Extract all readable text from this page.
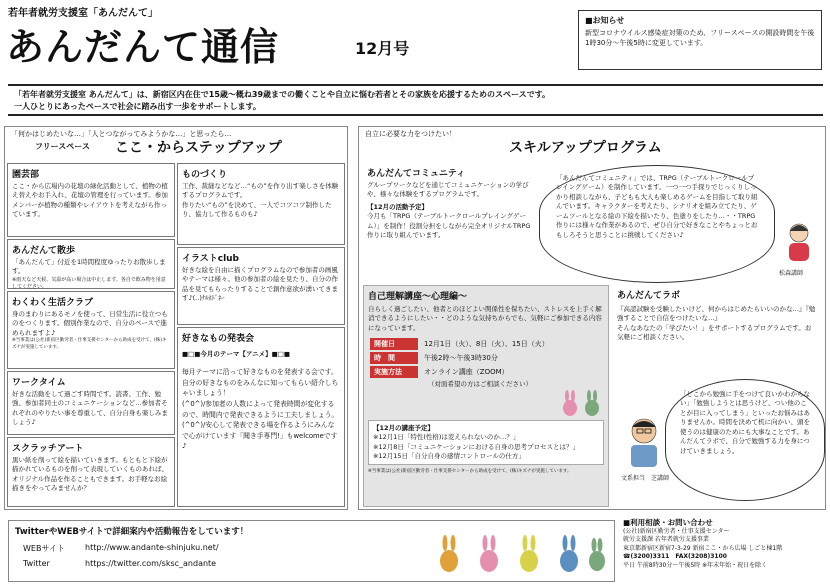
若年者就労支援室「あんだんて」
あんだんて通信	12月号
■お知らせ
新型コロナウイルス感染症対策のため、フリースペースの開設時間を午後1時30分～午後5時に変更しています。
「若年者就労支援室 あんだんて」は、新宿区内在住で15歳～概ね39歳までの働くことや自立に悩む若者とその家族を応援するためのスペースです。
一人ひとりにあったペースで社会に踏み出す一歩をサポートします。
「何かはじめたいな…」「人とつながってみようかな…」と思ったら…
フリースペース ここ・からステップアップ
園芸部

ここ・から広場内の花壇の緑化活動として、植物の植え替えやお手入れ、花壇の管理を行っています。参加メンバーが植物の種類やレイアウトを考えながら作っています。

あんだんて散歩

「あんだんて」付近を1時間程度ゆったりお散歩します。

※雨天など天候、気温が高い場合は中止します。各自で飲み物を用意してください。

わくわく生活クラブ

身のまわりにあるモノを使って、日常生活に役立つものをつくります。個別作業なので、自分のペースで進められますよ♪

※当事業は(公社)新宿区勤労者・仕事支援センターから助成を受けて、(株)キズナが実施しています。

ワークタイム

好きな活動をして過ごす時間です。読書、工作、勉強、参加者同士のコミュニケーションなど…参加者それぞれのやりたい事を尊重して、自分自身も楽しみましょう♪

スクラッチアート

黒い紙を削って絵を描いていきます。もともと下絵が描かれているものを削って表現していくものあれば、オリジナル作品を作ることもできます。お手軽なお絵描きをやってみませんか？

ものづくり

工作、裁縫などなど…“もの”を作り出す楽しさを体験するプログラムです。
作りたい“もの”を決めて、一人でコツコツ制作したり、協力して作るものも♪

イラストclub

好きな絵を自由に描くプログラムなので参加者の画風やテーマは様々。他の参加者の絵を見たり、自分の作品を見てもらったりすることで創作意欲が湧いてきます♪(..)ﾅﾙﾎﾄﾞﾈｰ

好きなもの発表会

■□■今月のテーマ【アニメ】■□■

毎月テーマに沿って好きなものを発表する会です。自分の好きなものをみんなに知ってもらい紹介しちゃいましょう！
(^0^)/参加者の人数によって発表時間が変化するので、時間内で発表できるように工夫しましょう。
(^0^)/安心して発表できる場を作るようにみんなで心がけています「聞き手専門!」もwelcomeです♪

自立に必要な力をつけたい！
スキルアッププログラム
あんだんてコミュニティ

グループワークなどを通じてコミュニケーションの学びや、様々な体験をするプログラムです。

【12月の活動予定】

今月も「TRPG（テーブルトークロールプレイングゲーム）」を制作！役割分担をしながら完全オリジナルTRPG作りに取り組んでいます。

「あんだんてコミュニティ」では、TRPG（テーブルトークロールプレイングゲーム）を制作しています。一つ一つ手探りでじっくりしっかり相談しながら、子どもも大人も楽しめるゲームを目指して取り組んでいます。キャラクターを考えたり、シナリオを組み立てたり、ゲームツールとなる絵の下絵を描いたり、色塗りをしたり…・・TRPG作りには様々な作業があるので、ぜひ自分で好きなことやちょっとおもしろそうと思うことに挑戦してください♪
松森講師
自己理解講座～心理編～

自らしく過ごしたい、他者とのほどよい関係性を保ちたい、ストレスを上手く解消できるようにしたい・・どのような気持ちからでも、気軽にご参加できる内容になっています。

開催日	12月1日（火）、8日（火）、15日（火）
時　間	午後2時～午後3時30分
実施方法	オンライン講座（ZOOM）

（対面希望の方はご相談ください）

【12月の講座予定】

※12月1日「特性(性格)は変えられないのか…？」

※12月8日「コミュニケーションにおける自身の思考プロセスとは？」

※12月15日「自分自身の感情コントロールの仕方」

※当事業は(公社)新宿区勤労者・仕事支援センターから助成を受けて、(株)キズナが実施しています。

あんだんてラボ

『高認試験を受験したいけど、何からはじめたらいいのかな…』『勉強することで自信をつけたいな…』
そんなあなたの「学びたい！」をサポートするプログラムです。お気軽にご相談ください。

文系担当　芝講師
「どこから勉強に手をつけて良いかわからない」「勉強しようとは思うけど、つい他のことが目に入ってしまう」といったお悩みはありませんか。時間を決めて机に向かい、頭を使うのは健康のためにも大事なことです。あんだんてラボで、自分で勉強する力を身につけていきましょう。
TwitterやWEBサイトで詳細案内や活動報告をしています！
WEBサイト	http://www.andante-shinjuku.net/
Twitter	https://twitter.com/sksc_andante
■利用相談・お問い合わせ
(公社)新宿区勤労者・仕事支援センター
就労支援課 若年者就労支援事業
東京都新宿区新宿7-3-29 新宿ここ・から広場 しごと棟1階
☎(3200)3311　FAX(3208)3100
平日 午前8時30分～午後5時 ※年末年始・祝日を除く
